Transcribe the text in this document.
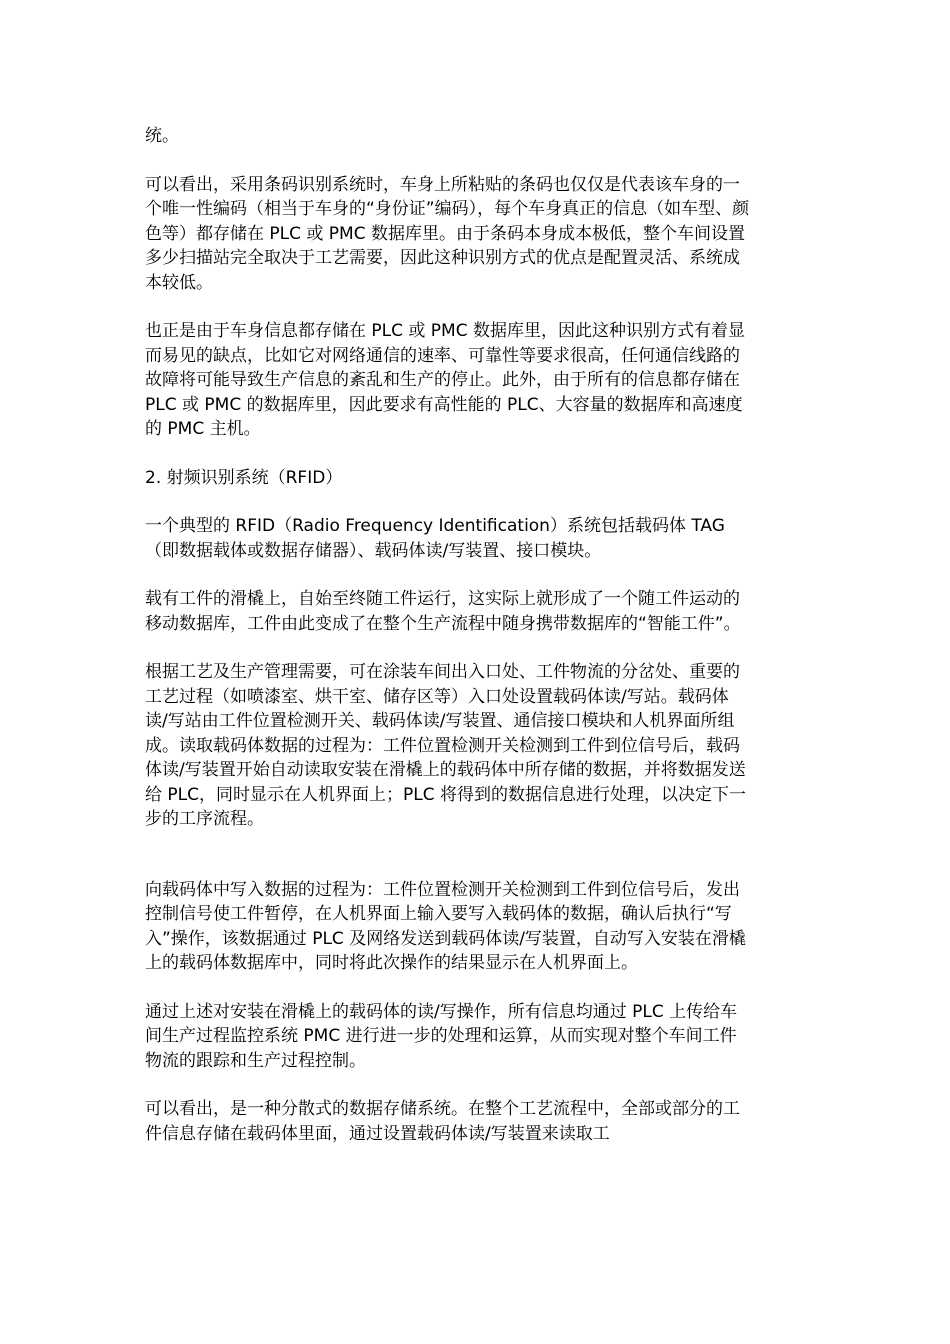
统。

可以看出，采用条码识别系统时，车身上所粘贴的条码也仅仅是代表该车身的一个唯一性编码（相当于车身的“身份证”编码），每个车身真正的信息（如车型、颜色等）都存储在 PLC 或 PMC 数据库里。由于条码本身成本极低，整个车间设置多少扫描站完全取决于工艺需要，因此这种识别方式的优点是配置灵活、系统成本较低。

也正是由于车身信息都存储在 PLC 或 PMC 数据库里，因此这种识别方式有着显而易见的缺点，比如它对网络通信的速率、可靠性等要求很高，任何通信线路的故障将可能导致生产信息的紊乱和生产的停止。此外，由于所有的信息都存储在 PLC 或 PMC 的数据库里，因此要求有高性能的 PLC、大容量的数据库和高速度的 PMC 主机。

2. 射频识别系统（RFID）

一个典型的 RFID（Radio Frequency Identification）系统包括载码体 TAG（即数据载体或数据存储器）、载码体读/写装置、接口模块。

载有工件的滑橇上，自始至终随工件运行，这实际上就形成了一个随工件运动的移动数据库，工件由此变成了在整个生产流程中随身携带数据库的“智能工件”。

根据工艺及生产管理需要，可在涂装车间出入口处、工件物流的分岔处、重要的工艺过程（如喷漆室、烘干室、储存区等）入口处设置载码体读/写站。载码体读/写站由工件位置检测开关、载码体读/写装置、通信接口模块和人机界面所组成。读取载码体数据的过程为：工件位置检测开关检测到工件到位信号后，载码体读/写装置开始自动读取安装在滑橇上的载码体中所存储的数据，并将数据发送给 PLC，同时显示在人机界面上；PLC 将得到的数据信息进行处理，以决定下一步的工序流程。

向载码体中写入数据的过程为：工件位置检测开关检测到工件到位信号后，发出控制信号使工件暂停，在人机界面上输入要写入载码体的数据，确认后执行“写入”操作，该数据通过 PLC 及网络发送到载码体读/写装置，自动写入安装在滑橇上的载码体数据库中，同时将此次操作的结果显示在人机界面上。

通过上述对安装在滑橇上的载码体的读/写操作，所有信息均通过 PLC 上传给车间生产过程监控系统 PMC 进行进一步的处理和运算，从而实现对整个车间工件物流的跟踪和生产过程控制。

可以看出，是一种分散式的数据存储系统。在整个工艺流程中，全部或部分的工件信息存储在载码体里面，通过设置载码体读/写装置来读取工
